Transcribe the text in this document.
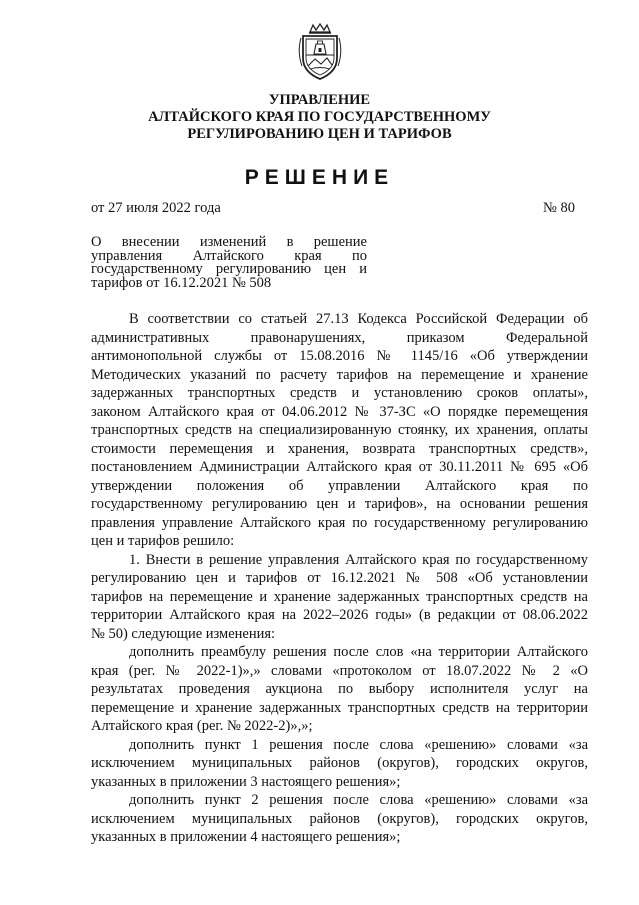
УПРАВЛЕНИЕ
АЛТАЙСКОГО КРАЯ ПО ГОСУДАРСТВЕННОМУ
РЕГУЛИРОВАНИЮ ЦЕН И ТАРИФОВ
РЕШЕНИЕ
от 27 июля 2022 года	№ 80
О внесении изменений в решение
управления Алтайского края по
государственному регулированию цен и
тарифов от 16.12.2021 № 508
В соответствии со статьей 27.13 Кодекса Российской Федерации об
административных правонарушениях, приказом Федеральной
антимонопольной службы от 15.08.2016 № 1145/16 «Об утверждении
Методических указаний по расчету тарифов на перемещение и хранение
задержанных транспортных средств и установлению сроков оплаты»,
законом Алтайского края от 04.06.2012 № 37-ЗС «О порядке перемещения
транспортных средств на специализированную стоянку, их хранения, оплаты
стоимости перемещения и хранения, возврата транспортных средств»,
постановлением Администрации Алтайского края от 30.11.2011 № 695 «Об
утверждении положения об управлении Алтайского края по
государственному регулированию цен и тарифов», на основании решения
правления управление Алтайского края по государственному регулированию
цен и тарифов решило:
1. Внести в решение управления Алтайского края по государственному
регулированию цен и тарифов от 16.12.2021 № 508 «Об установлении
тарифов на перемещение и хранение задержанных транспортных средств на
территории Алтайского края на 2022–2026 годы» (в редакции от 08.06.2022
№ 50) следующие изменения:
дополнить преамбулу решения после слов «на территории Алтайского
края (рег. № 2022-1)»,» словами «протоколом от 18.07.2022 № 2 «О
результатах проведения аукциона по выбору исполнителя услуг на
перемещение и хранение задержанных транспортных средств на территории
Алтайского края (рег. № 2022-2)»,»;
дополнить пункт 1 решения после слова «решению» словами «за
исключением муниципальных районов (округов), городских округов,
указанных в приложении 3 настоящего решения»;
дополнить пункт 2 решения после слова «решению» словами «за
исключением муниципальных районов (округов), городских округов,
указанных в приложении 4 настоящего решения»;
